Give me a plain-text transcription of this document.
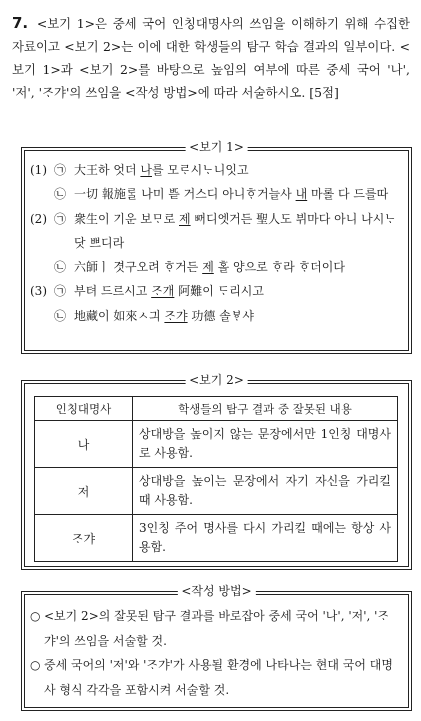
7. <보기 1>은 중세 국어 인칭대명사의 쓰임을 이해하기 위해 수집한 자료이고 <보기 2>는 이에 대한 학생들의 탐구 학습 결과의 일부이다. <보기 1>과 <보기 2>를 바탕으로 높임의 여부에 따른 중세 국어 '나', '저', 'ᄌᆞ갸'의 쓰임을 <작성 방법>에 따라 서술하시오. [5점]
<보기 1>
(1) ㉠ 大王하 엇더 나를 모ᄅᆞ시ᄂᆞ니잇고
㉡ 一切 報施ᄅᆞᆯ 나미 ᄠᅳᆮ 거스디 아니ᄒᆞ거늘사 내 마롤 다 드를따
(2) ㉠ 衆生이 기운 보ᄆᆞ로 제 ᄢᅥ디엣거든 聖人도 뷔마다 아니 나시ᄂᆞ닷 쁘디라
㉡ 六師ㅣ 겻구오려 ᄒᆞ거든 제 홀 양으로 ᄒᆞ라 ᄒᆞ더이다
(3) ㉠ 부텨 드르시고 ᄌᆞ개 阿難이 ᄃᆞ리시고
㉡ 地藏이 如來ㅅ긔 ᄌᆞ갸 功德 솔ᄫᆞ샤
<보기 2>
인칭대명사	학생들의 탐구 결과 중 잘못된 내용
나	상대방을 높이지 않는 문장에서만 1인칭 대명사로 사용함.
저	상대방을 높이는 문장에서 자기 자신을 가리킬 때 사용함.
ᄌᆞ갸	3인칭 주어 명사를 다시 가리킬 때에는 항상 사용함.
<작성 방법>
○ <보기 2>의 잘못된 탐구 결과를 바로잡아 중세 국어 '나', '저', 'ᄌᆞ갸'의 쓰임을 서술할 것.
○ 중세 국어의 '저'와 'ᄌᆞ갸'가 사용될 환경에 나타나는 현대 국어 대명사 형식 각각을 포함시켜 서술할 것.
